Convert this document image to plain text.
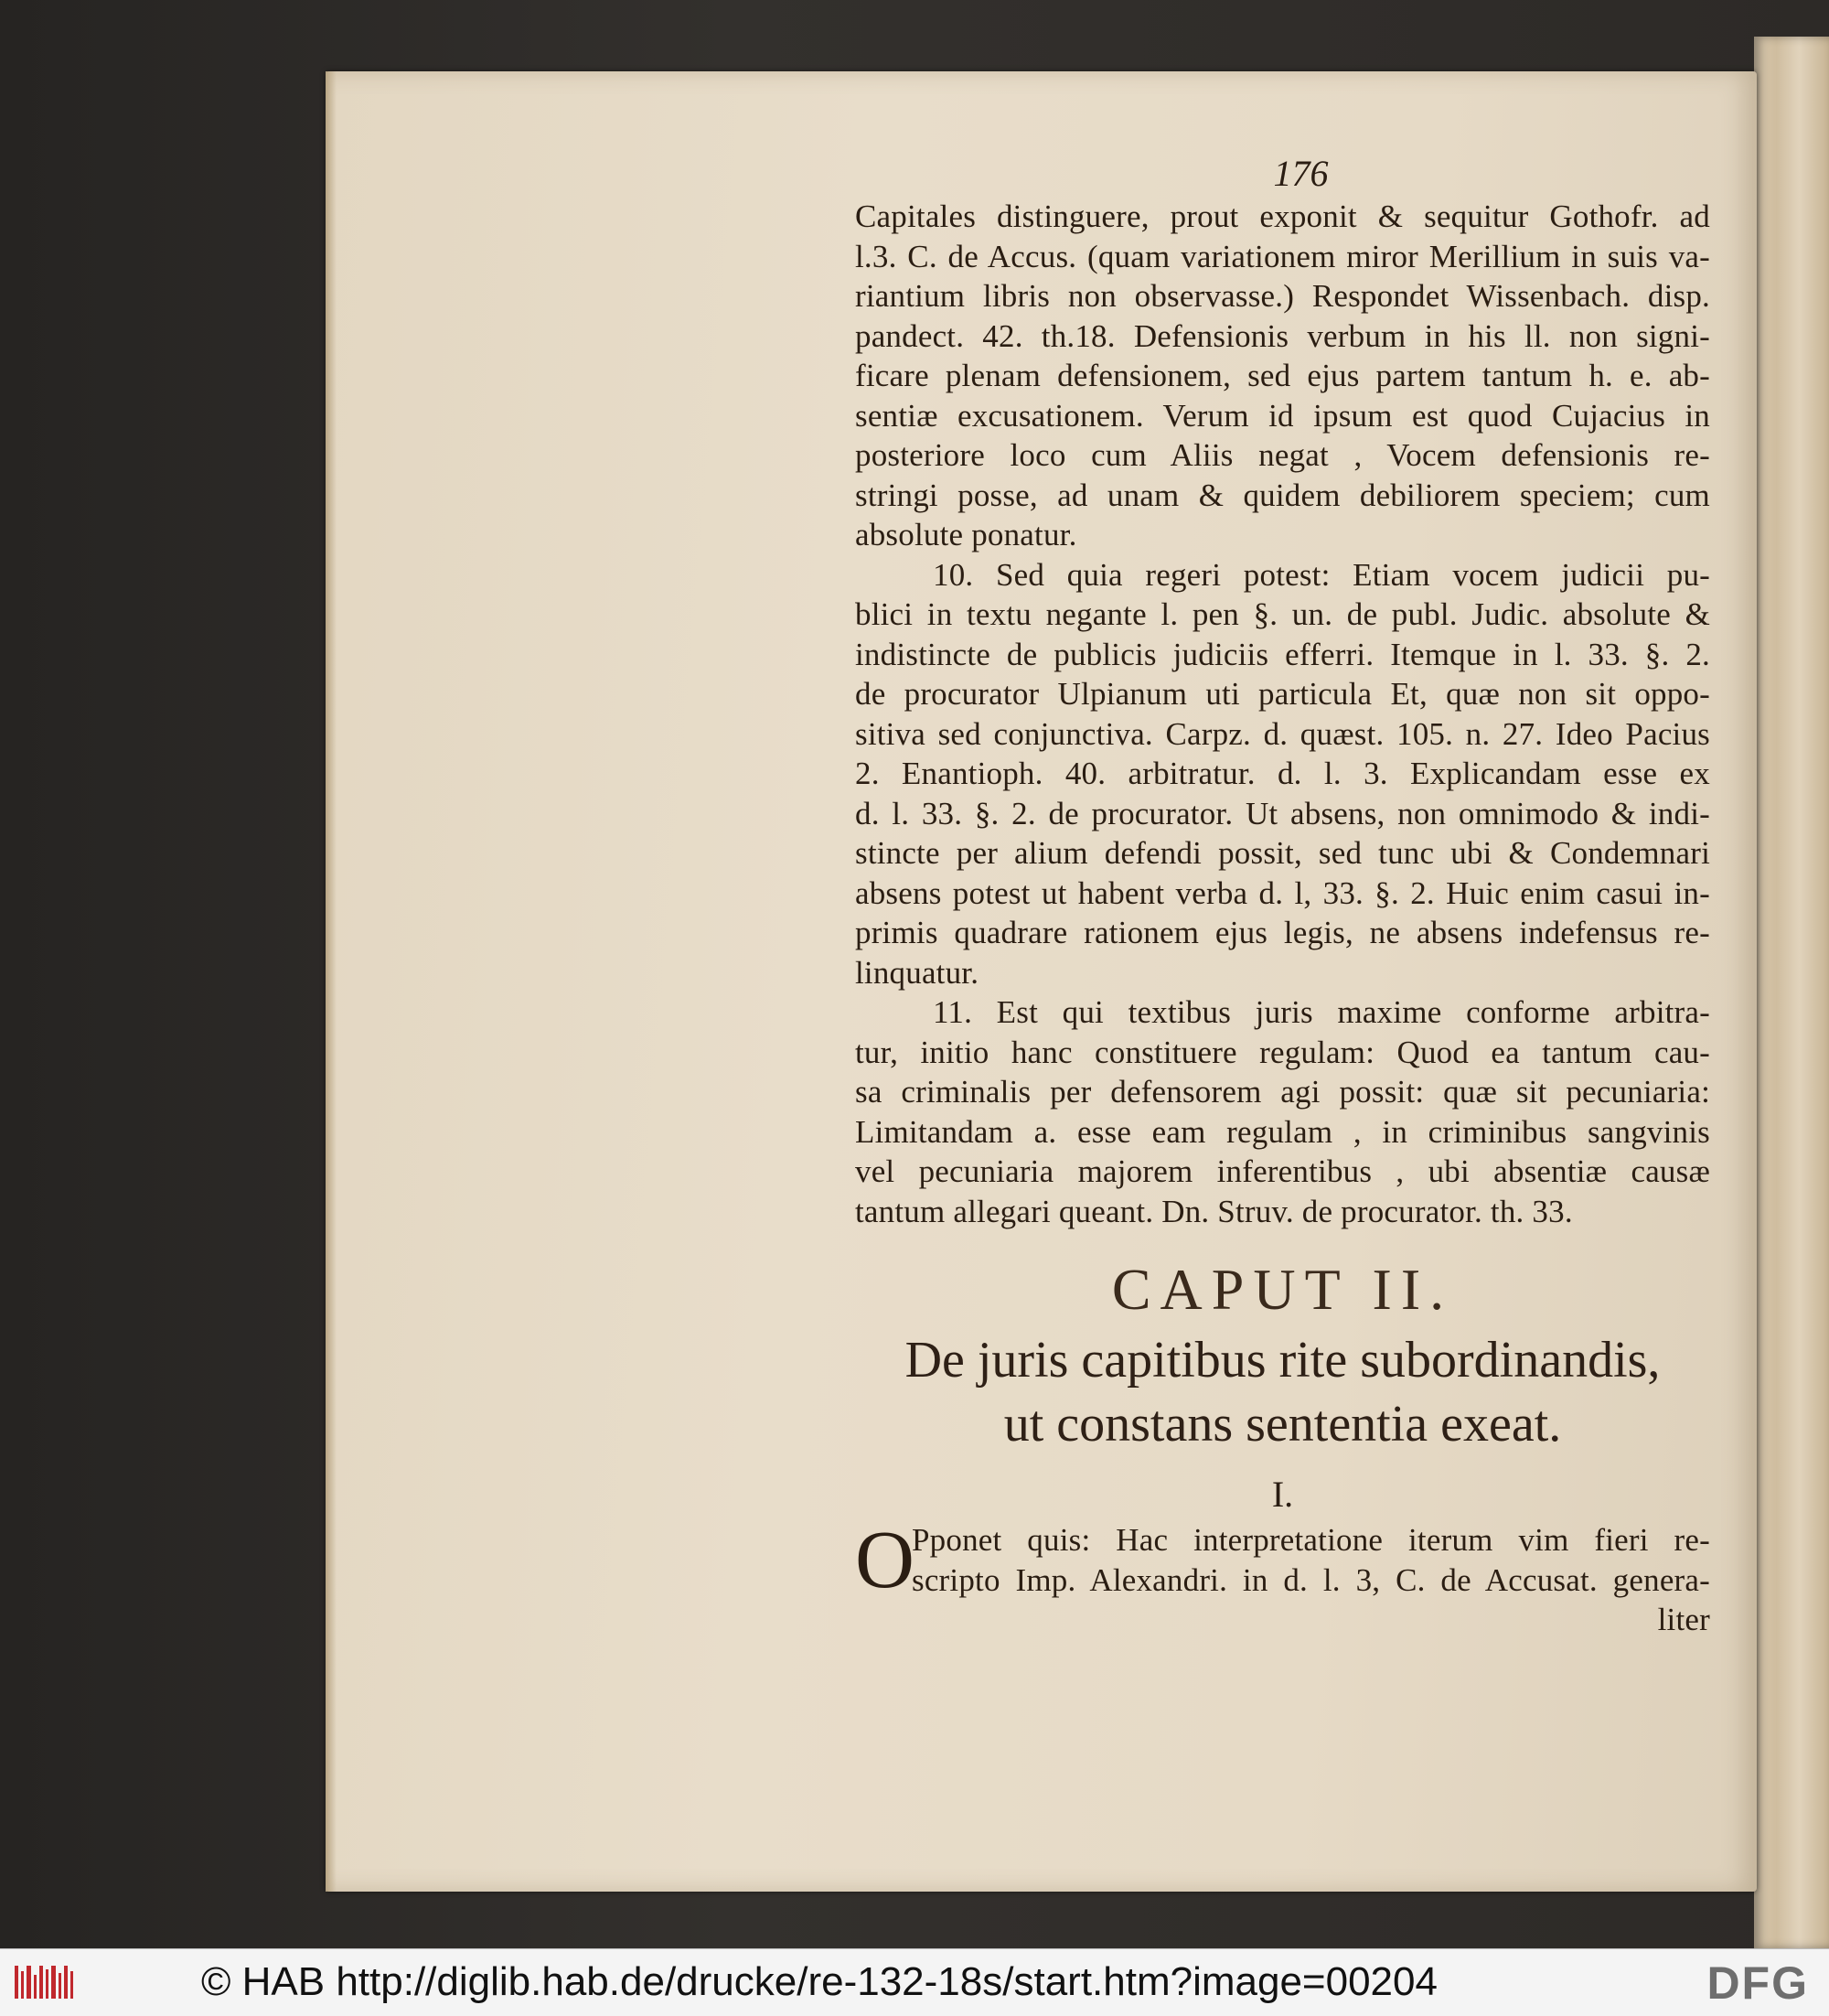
176
Capitales distinguere, prout exponit & sequitur Gothofr. ad
l.3. C. de Accus. (quam variationem miror Merillium in suis va-
riantium libris non observasse.) Respondet Wissenbach. disp.
pandect. 42. th.18. Defensionis verbum in his ll. non signi-
ficare plenam defensionem, sed ejus partem tantum h. e. ab-
sentiæ excusationem. Verum id ipsum est quod Cujacius in
posteriore loco cum Aliis negat , Vocem defensionis re-
stringi posse, ad unam & quidem debiliorem speciem; cum
absolute ponatur.
10. Sed quia regeri potest: Etiam vocem judicii pu-
blici in textu negante l. pen §. un. de publ. Judic. absolute &
indistincte de publicis judiciis efferri. Itemque in l. 33. §. 2.
de procurator Ulpianum uti particula Et, quæ non sit oppo-
sitiva sed conjunctiva. Carpz. d. quæst. 105. n. 27. Ideo Pacius
2. Enantioph. 40. arbitratur. d. l. 3. Explicandam esse ex
d. l. 33. §. 2. de procurator. Ut absens, non omnimodo & indi-
stincte per alium defendi possit, sed tunc ubi & Condemnari
absens potest ut habent verba d. l, 33. §. 2. Huic enim casui in-
primis quadrare rationem ejus legis, ne absens indefensus re-
linquatur.
11. Est qui textibus juris maxime conforme arbitra-
tur, initio hanc constituere regulam: Quod ea tantum cau-
sa criminalis per defensorem agi possit: quæ sit pecuniaria:
Limitandam a. esse eam regulam , in criminibus sangvinis
vel pecuniaria majorem inferentibus , ubi absentiæ causæ
tantum allegari queant. Dn. Struv. de procurator. th. 33.
CAPUT II.
De juris capitibus rite subordinandis,
ut constans sententia exeat.
I.
O
Pponet quis: Hac interpretatione iterum vim fieri re-
scripto Imp. Alexandri. in d. l. 3, C. de Accusat. genera-
liter
© HAB http://diglib.hab.de/drucke/re-132-18s/start.htm?image=00204	DFG
